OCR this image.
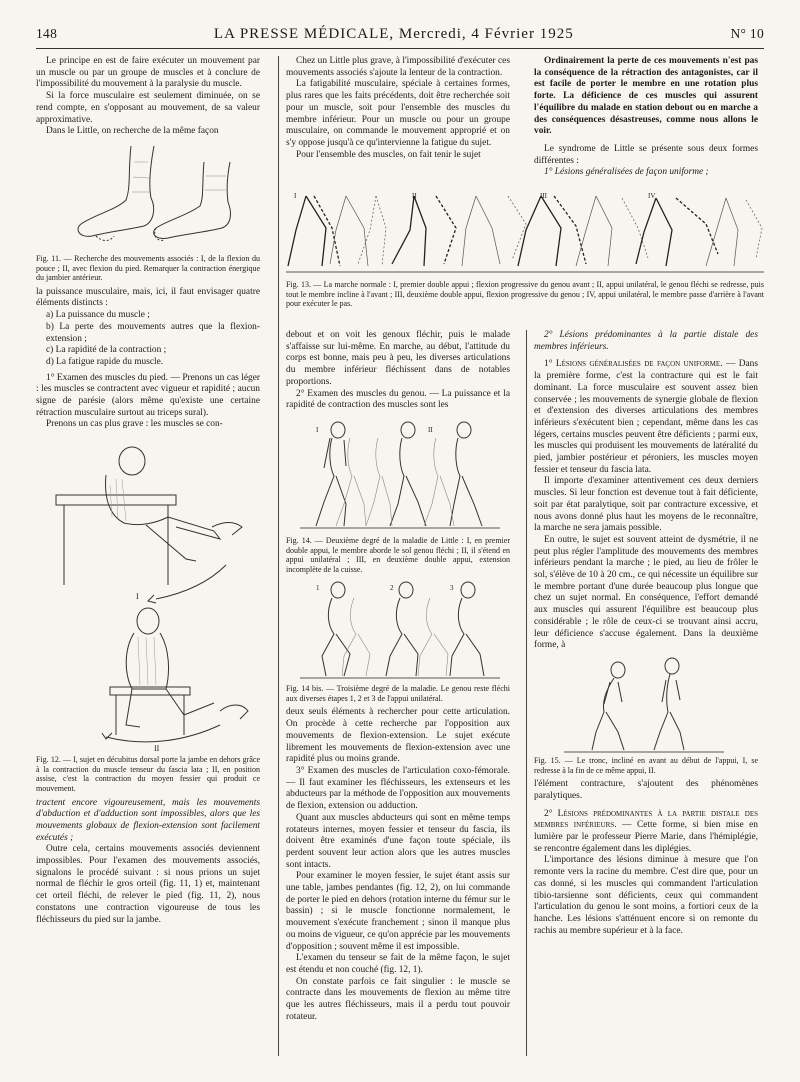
148	LA PRESSE MÉDICALE, Mercredi, 4 Février 1925	N° 10

Le principe en est de faire exécuter un mouvement par un muscle ou par un groupe de muscles et à conclure de l'impossibilité du mouvement à la paralysie du muscle.

Si la force musculaire est seulement diminuée, on se rend compte, en s'opposant au mouvement, de sa valeur approximative.

Dans le Little, on recherche de la même façon

Fig. 11. — Recherche des mouvements associés : I, de la flexion du pouce ; II, avec flexion du pied. Remarquer la contraction énergique du jambier antérieur.

la puissance musculaire, mais, ici, il faut envisager quatre éléments distincts :

a) La puissance du muscle ;

b) La perte des mouvements autres que la flexion-extension ;

c) La rapidité de la contraction ;

d) La fatigue rapide du muscle.

1° Examen des muscles du pied. — Prenons un cas léger : les muscles se contractent avec vigueur et rapidité ; aucun signe de parésie (alors même qu'existe une certaine rétraction musculaire surtout au triceps sural).

Prenons un cas plus grave : les muscles se con-

I
II
Fig. 12. — I, sujet en décubitus dorsal porte la jambe en dehors grâce à la contraction du muscle tenseur du fascia lata ; II, en position assise, c'est la contraction du moyen fessier qui produit ce mouvement.

tractent encore vigoureusement, mais les mouvements d'abduction et d'adduction sont impossibles, alors que les mouvements globaux de flexion-extension sont facilement exécutés ;

Outre cela, certains mouvements associés deviennent impossibles. Pour l'examen des mouvements associés, signalons le procédé suivant : si nous prions un sujet normal de fléchir le gros orteil (fig. 11, 1) et, maintenant cet orteil fléchi, de relever le pied (fig. 11, 2), nous constatons une contraction vigoureuse de tous les fléchisseurs du pied sur la jambe.

Chez un Little plus grave, à l'impossibilité d'exécuter ces mouvements associés s'ajoute la lenteur de la contraction.

La fatigabilité musculaire, spéciale à certaines formes, plus rares que les faits précédents, doit être recherchée soit pour un muscle, soit pour l'ensemble des muscles du membre inférieur. Pour un muscle ou pour un groupe musculaire, on commande le mouvement approprié et on s'y oppose jusqu'à ce qu'intervienne la fatigue du sujet.

Pour l'ensemble des muscles, on fait tenir le sujet

I	II	III	IV
Fig. 13. — La marche normale : I, premier double appui ; flexion progressive du genou avant ; II, appui unilatéral, le genou fléchi se redresse, puis tout le membre incline à l'avant ; III, deuxième double appui, flexion progressive du genou ; IV, appui unilatéral, le membre passe d'arrière à l'avant pour exécuter le pas.

debout et on voit les genoux fléchir, puis le malade s'affaisse sur lui-même. En marche, au début, l'attitude du corps est bonne, mais peu à peu, les diverses articulations du membre inférieur fléchissent dans de notables proportions.

2° Examen des muscles du genou. — La puissance et la rapidité de contraction des muscles sont les

I	II
Fig. 14. — Deuxième degré de la maladie de Little : I, en premier double appui, le membre aborde le sol genou fléchi ; II, il s'étend en appui unilatéral ; III, en deuxième double appui, extension incomplète de la cuisse.
1	2	3
Fig. 14 bis. — Troisième degré de la maladie. Le genou reste fléchi aux diverses étapes 1, 2 et 3 de l'appui unilatéral.

deux seuls éléments à rechercher pour cette articulation. On procède à cette recherche par l'opposition aux mouvements de flexion-extension. Le sujet exécute librement les mouvements de flexion-extension avec une rapidité plus ou moins grande.

3° Examen des muscles de l'articulation coxo-fémorale. — Il faut examiner les fléchisseurs, les extenseurs et les abducteurs par la méthode de l'opposition aux mouvements de flexion, extension ou adduction.

Quant aux muscles abducteurs qui sont en même temps rotateurs internes, moyen fessier et tenseur du fascia, ils doivent être examinés d'une façon toute spéciale, ils perdent souvent leur action alors que les autres muscles sont intacts.

Pour examiner le moyen fessier, le sujet étant assis sur une table, jambes pendantes (fig. 12, 2), on lui commande de porter le pied en dehors (rotation interne du fémur sur le bassin) ; si le muscle fonctionne normalement, le mouvement s'exécute franchement ; sinon il manque plus ou moins de vigueur, ce qu'on apprécie par les mouvements d'opposition ; souvent même il est impossible.

L'examen du tenseur se fait de la même façon, le sujet est étendu et non couché (fig. 12, 1).

On constate parfois ce fait singulier : le muscle se contracte dans les mouvements de flexion au même titre que les autres fléchisseurs, mais il a perdu tout pouvoir rotateur.

Ordinairement la perte de ces mouvements n'est pas la conséquence de la rétraction des antagonistes, car il est facile de porter le membre en une rotation plus forte. La déficience de ces muscles qui assurent l'équilibre du malade en station debout ou en marche a des conséquences désastreuses, comme nous allons le voir.

Le syndrome de Little se présente sous deux formes différentes :

1° Lésions généralisées de façon uniforme ;

2° Lésions prédominantes à la partie distale des membres inférieurs.

1° Lésions généralisées de façon uniforme. — Dans la première forme, c'est la contracture qui est le fait dominant. La force musculaire est souvent assez bien conservée ; les mouvements de synergie globale de flexion et d'extension des diverses articulations des membres inférieurs s'exécutent bien ; cependant, même dans les cas légers, certains muscles peuvent être déficients ; parmi eux, les muscles qui produisent les mouvements de latéralité du pied, jambier postérieur et péroniers, les muscles moyen fessier et tenseur du fascia lata.

Il importe d'examiner attentivement ces deux derniers muscles. Si leur fonction est devenue tout à fait déficiente, soit par état paralytique, soit par contracture excessive, et nous avons donné plus haut les moyens de le reconnaître, la marche ne sera jamais possible.

En outre, le sujet est souvent atteint de dysmétrie, il ne peut plus régler l'amplitude des mouvements des membres inférieurs pendant la marche ; le pied, au lieu de frôler le sol, s'élève de 10 à 20 cm., ce qui nécessite un équilibre sur le membre portant d'une durée beaucoup plus longue que chez un sujet normal. En conséquence, l'effort demandé aux muscles qui assurent l'équilibre est beaucoup plus considérable ; le rôle de ceux-ci se trouvant ainsi accru, leur déficience s'accuse également. Dans la deuxième forme, à

Fig. 15. — Le tronc, incliné en avant au début de l'appui, I, se redresse à la fin de ce même appui, II.

l'élément contracture, s'ajoutent des phénomènes paralytiques.

2° Lésions prédominantes à la partie distale des membres inférieurs. — Cette forme, si bien mise en lumière par le professeur Pierre Marie, dans l'hémiplégie, se rencontre également dans les diplégies.

L'importance des lésions diminue à mesure que l'on remonte vers la racine du membre. C'est dire que, pour un cas donné, si les muscles qui commandent l'articulation tibio-tarsienne sont déficients, ceux qui commandent l'articulation du genou le sont moins, a fortiori ceux de la hanche. Les lésions s'atténuent encore si on remonte du rachis au membre supérieur et à la face.
